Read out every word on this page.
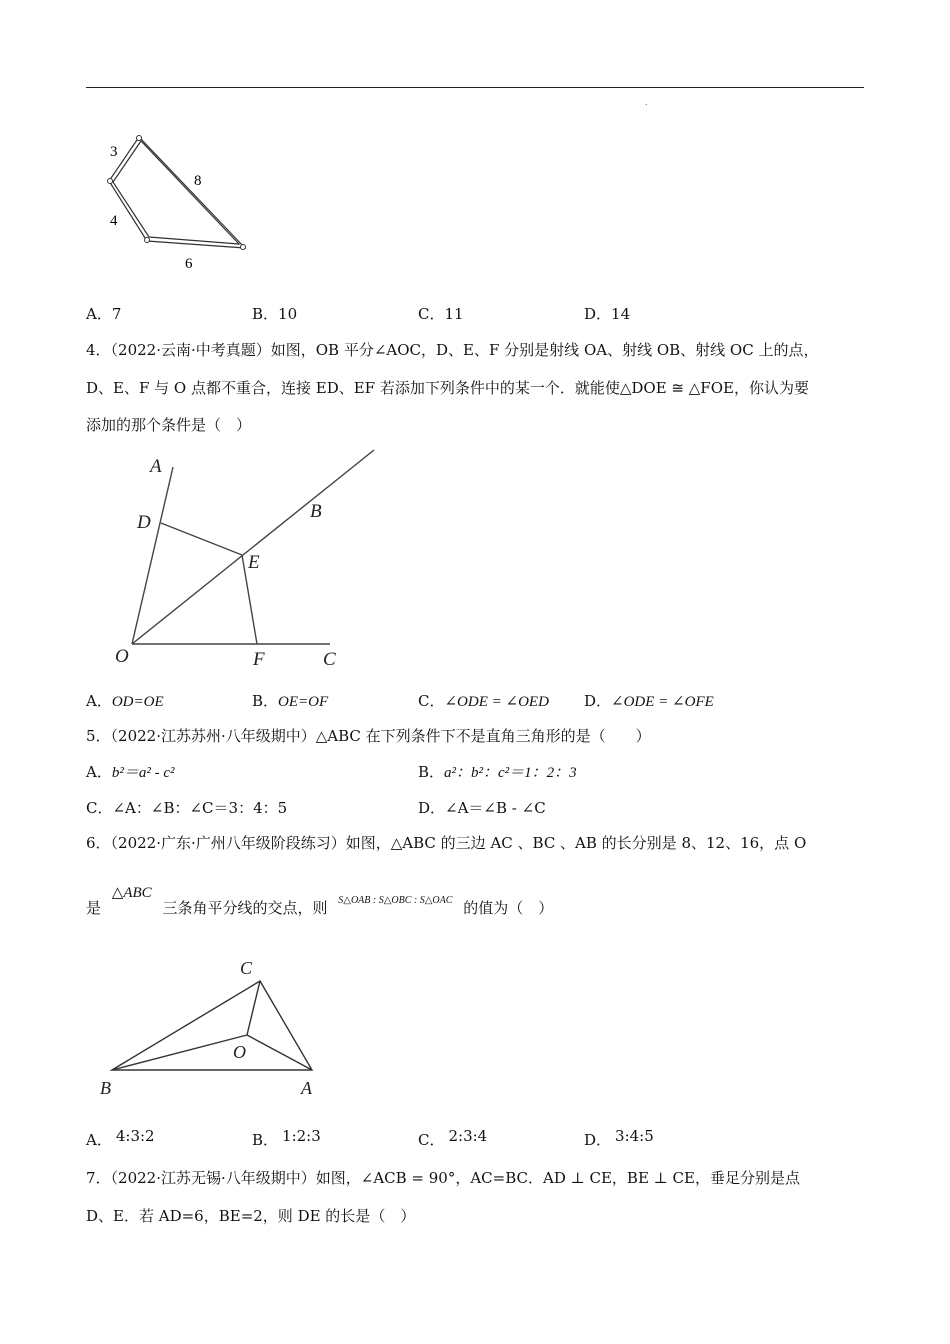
.
3
8
4
6
A．7	B．10	C．11	D．14
4．（2022·云南·中考真题）如图，OB 平分∠AOC，D、E、F 分别是射线 OA、射线 OB、射线 OC 上的点，
D、E、F 与 O 点都不重合，连接 ED、EF 若添加下列条件中的某一个．就能使△DOE ≅ △FOE，你认为要
添加的那个条件是（　）
A
B
D
E
O	F	C
A．OD=OE	B．OE=OF	C．∠ODE = ∠OED D．∠ODE = ∠OFE
5．（2022·江苏苏州·八年级期中）△ABC 在下列条件下不是直角三角形的是（　　）
A．b²＝a² - c²	B．a²：b²：c²＝1：2：3
C．∠A：∠B：∠C＝3：4：5	D．∠A＝∠B - ∠C
6．（2022·广东·广州八年级阶段练习）如图，△ABC 的三边 AC 、BC 、AB 的长分别是 8、12、16，点 O
是 △ABC 三条角平分线的交点，则 $^{S\triangle OAB : S\triangle OBC : S\triangle OAC}$ 的值为（　）
C
O
B	A
A． 4:3:2	B． 1:2:3	C． 2:3:4	D． 3:4:5
7．（2022·江苏无锡·八年级期中）如图，∠ACB = 90°，AC=BC．AD ⊥ CE，BE ⊥ CE，垂足分别是点
D、E．若 AD=6，BE=2，则 DE 的长是（　）
